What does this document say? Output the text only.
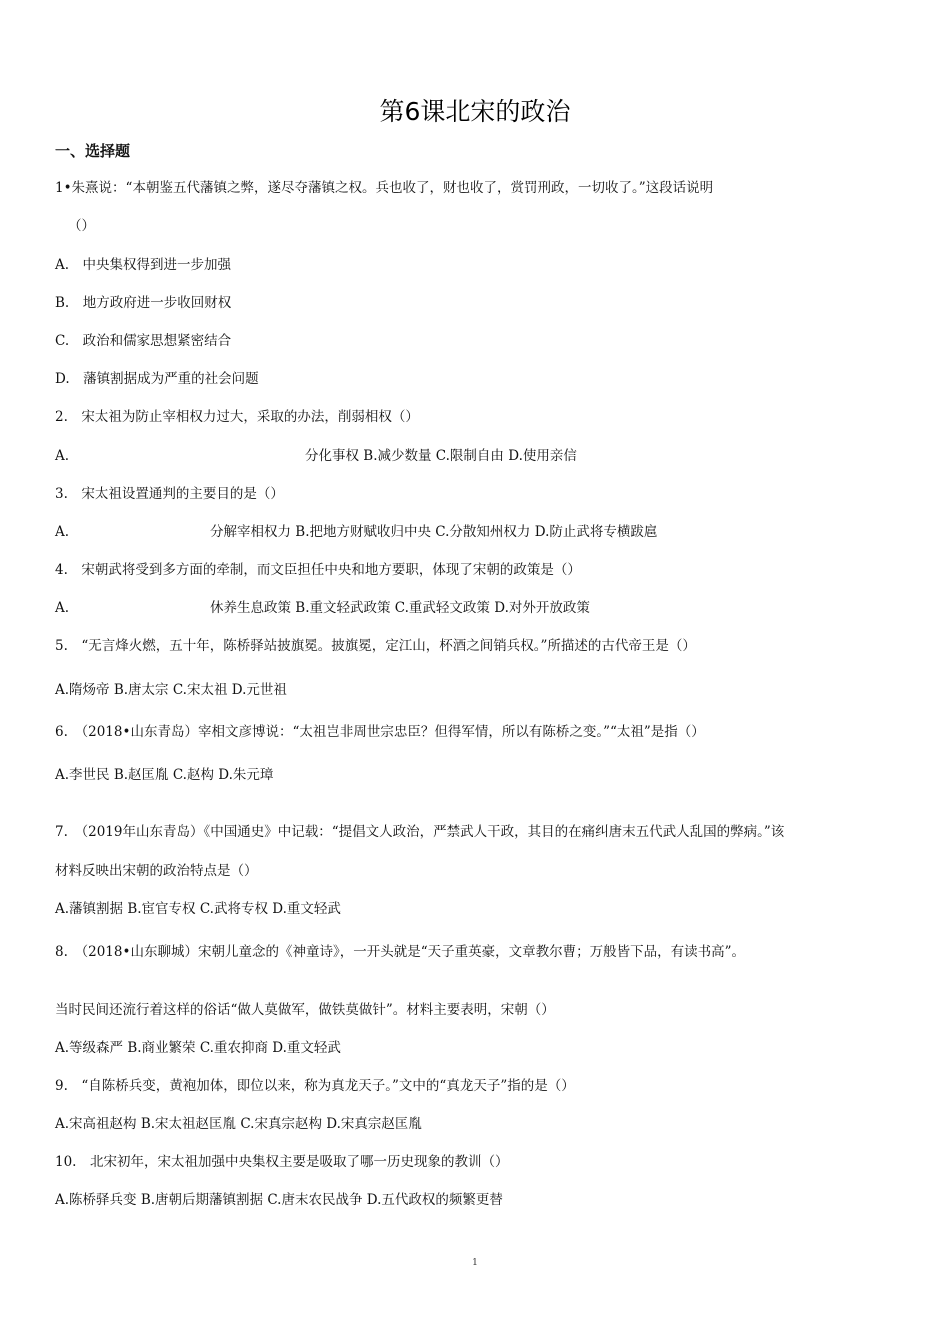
第6课北宋的政治
一、选择题
1•朱熹说：“本朝鉴五代藩镇之弊，遂尽夺藩镇之权。兵也收了，财也收了，赏罚刑政，一切收了。”这段话说明
（）
A.　中央集权得到进一步加强
B.　地方政府进一步收回财权
C.　政治和儒家思想紧密结合
D.　藩镇割据成为严重的社会问题
2.　宋太祖为防止宰相权力过大，采取的办法，削弱相权（）
A.	分化事权 B.减少数量 C.限制自由 D.使用亲信
3.　宋太祖设置通判的主要目的是（）
A.	分解宰相权力 B.把地方财赋收归中央 C.分散知州权力 D.防止武将专横跋扈
4.　宋朝武将受到多方面的牵制，而文臣担任中央和地方要职，体现了宋朝的政策是（）
A.	休养生息政策 B.重文轻武政策 C.重武轻文政策 D.对外开放政策
5.　“无言烽火燃，五十年，陈桥驿站披旗冕。披旗冕，定江山，杯酒之间销兵权。”所描述的古代帝王是（）
A.隋炀帝 B.唐太宗 C.宋太祖 D.元世祖
6.　（2018•山东青岛）宰相文彦博说：“太祖岂非周世宗忠臣？但得军情，所以有陈桥之变。”“太祖”是指（）
A.李世民 B.赵匡胤 C.赵构 D.朱元璋
7.　（2019年山东青岛）《中国通史》中记载：“提倡文人政治，严禁武人干政，其目的在痛纠唐末五代武人乱国的弊病。”该
材料反映出宋朝的政治特点是（）
A.藩镇割据 B.宦官专权 C.武将专权 D.重文轻武
8.　（2018•山东聊城）宋朝儿童念的《神童诗》，一开头就是“天子重英豪，文章教尔曹；万般皆下品，有读书高”。
当时民间还流行着这样的俗话“做人莫做军，做铁莫做针”。材料主要表明，宋朝（）
A.等级森严 B.商业繁荣 C.重农抑商 D.重文轻武
9.　“自陈桥兵变，黄袍加体，即位以来，称为真龙天子。”文中的“真龙天子”指的是（）
A.宋高祖赵构 B.宋太祖赵匡胤 C.宋真宗赵构 D.宋真宗赵匡胤
10.　北宋初年，宋太祖加强中央集权主要是吸取了哪一历史现象的教训（）
A.陈桥驿兵变 B.唐朝后期藩镇割据 C.唐末农民战争 D.五代政权的频繁更替
1
